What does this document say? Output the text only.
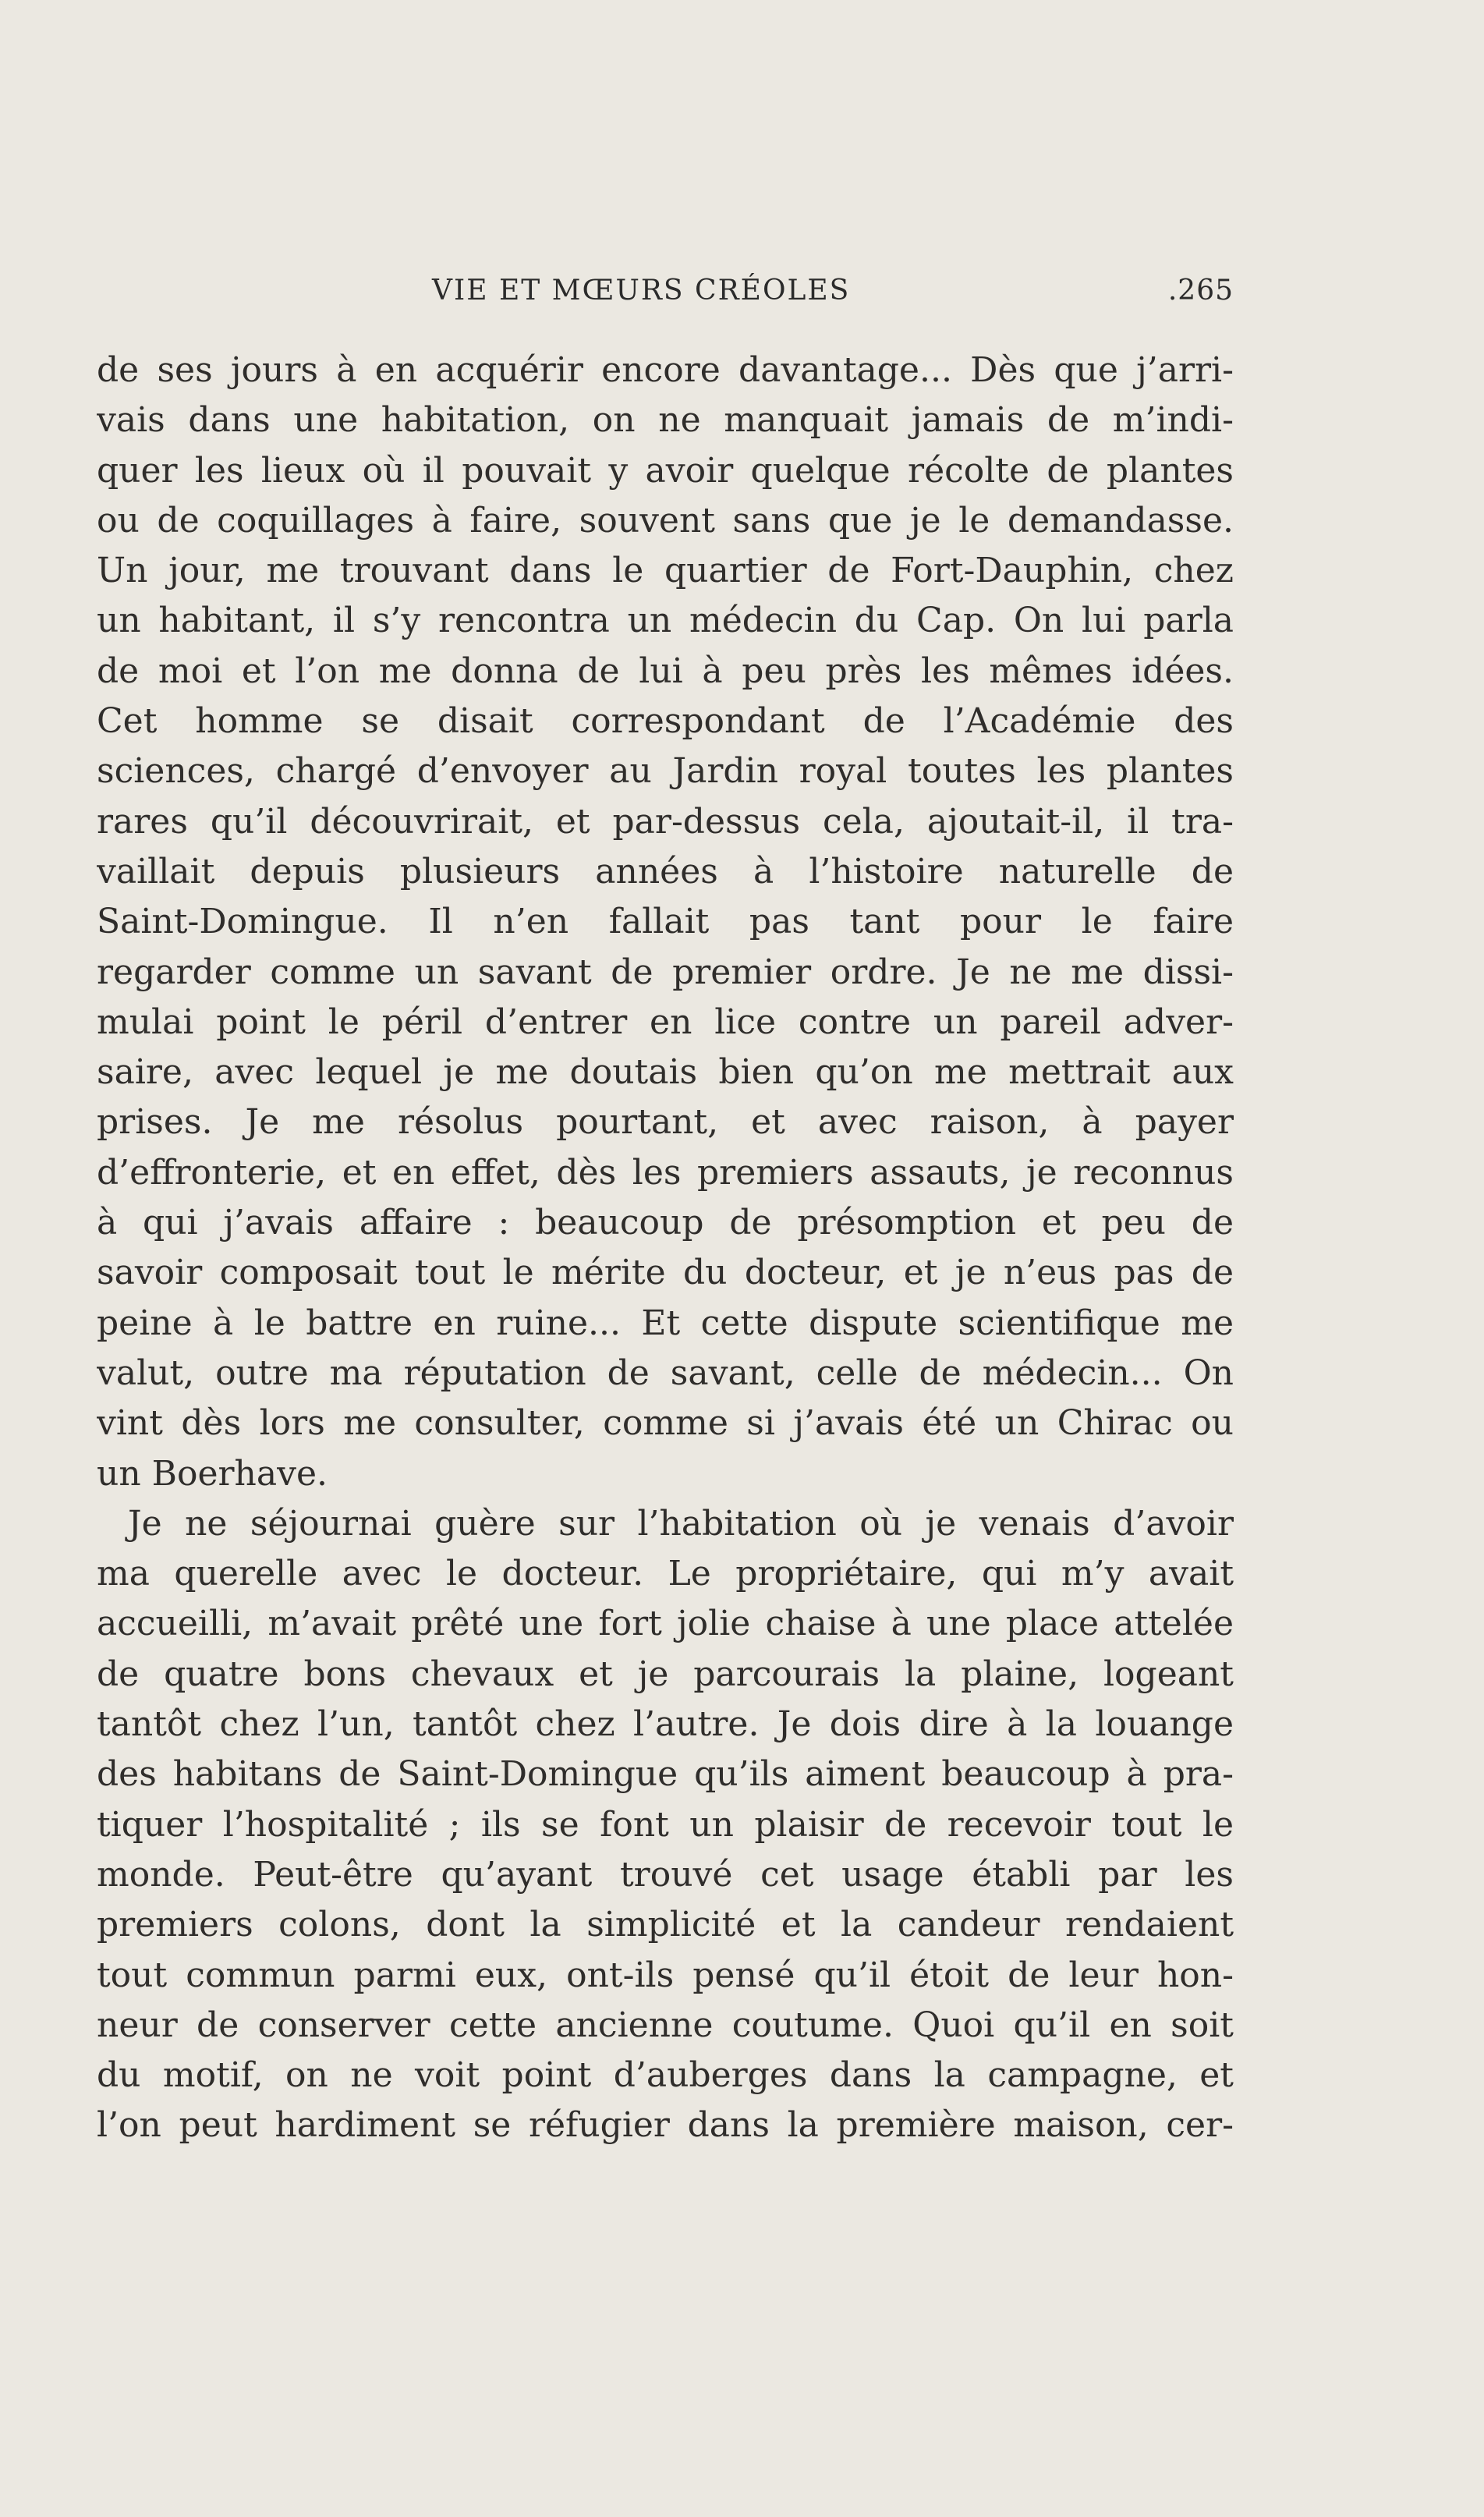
VIE ET MŒURS CRÉOLES	.265
de ses jours à en acquérir encore davantage... Dès que j’arri-
vais dans une habitation, on ne manquait jamais de m’indi-
quer les lieux où il pouvait y avoir quelque récolte de plantes
ou de coquillages à faire, souvent sans que je le demandasse.
Un jour, me trouvant dans le quartier de Fort-Dauphin, chez
un habitant, il s’y rencontra un médecin du Cap. On lui parla
de moi et l’on me donna de lui à peu près les mêmes idées.
Cet homme se disait correspondant de l’Académie des
sciences, chargé d’envoyer au Jardin royal toutes les plantes
rares qu’il découvrirait, et par-dessus cela, ajoutait-il, il tra-
vaillait depuis plusieurs années à l’histoire naturelle de
Saint-Domingue. Il n’en fallait pas tant pour le faire
regarder comme un savant de premier ordre. Je ne me dissi-
mulai point le péril d’entrer en lice contre un pareil adver-
saire, avec lequel je me doutais bien qu’on me mettrait aux
prises. Je me résolus pourtant, et avec raison, à payer
d’effronterie, et en effet, dès les premiers assauts, je reconnus
à qui j’avais affaire : beaucoup de présomption et peu de
savoir composait tout le mérite du docteur, et je n’eus pas de
peine à le battre en ruine... Et cette dispute scientifique me
valut, outre ma réputation de savant, celle de médecin... On
vint dès lors me consulter, comme si j’avais été un Chirac ou
un Boerhave.
Je ne séjournai guère sur l’habitation où je venais d’avoir
ma querelle avec le docteur. Le propriétaire, qui m’y avait
accueilli, m’avait prêté une fort jolie chaise à une place attelée
de quatre bons chevaux et je parcourais la plaine, logeant
tantôt chez l’un, tantôt chez l’autre. Je dois dire à la louange
des habitans de Saint-Domingue qu’ils aiment beaucoup à pra-
tiquer l’hospitalité ; ils se font un plaisir de recevoir tout le
monde. Peut-être qu’ayant trouvé cet usage établi par les
premiers colons, dont la simplicité et la candeur rendaient
tout commun parmi eux, ont-ils pensé qu’il étoit de leur hon-
neur de conserver cette ancienne coutume. Quoi qu’il en soit
du motif, on ne voit point d’auberges dans la campagne, et
l’on peut hardiment se réfugier dans la première maison, cer-
